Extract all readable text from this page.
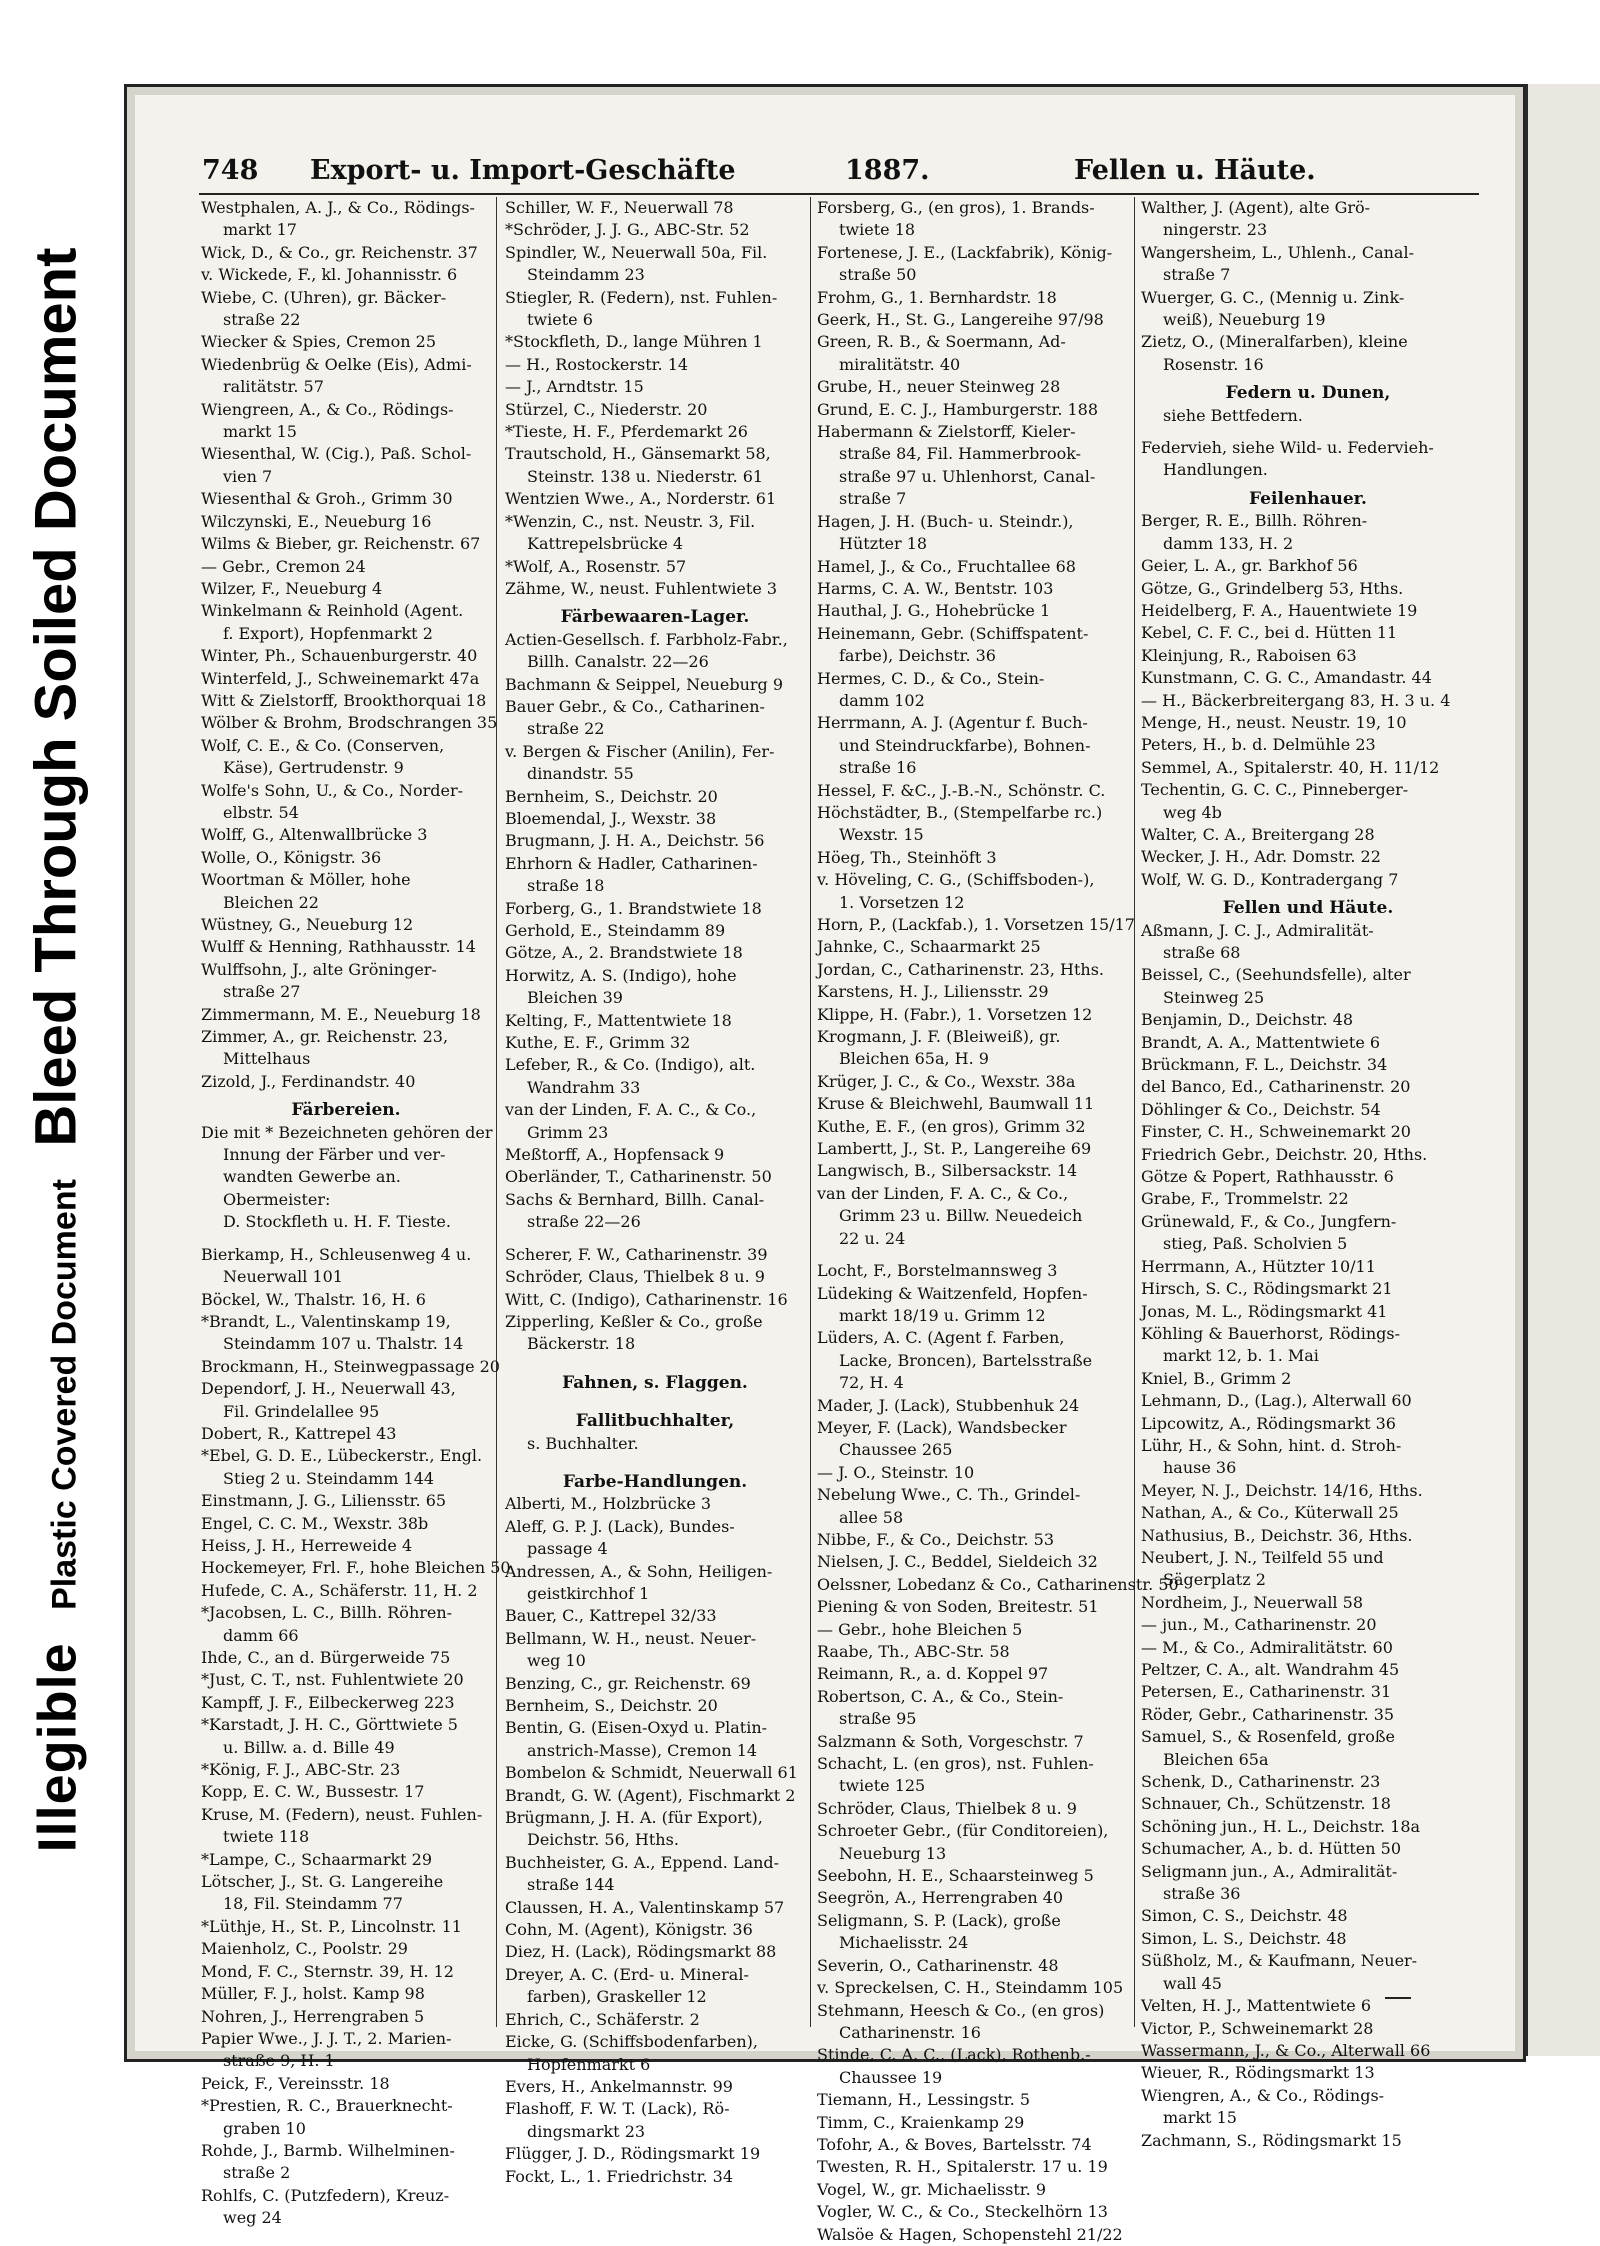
Illegible Plastic Covered Document Bleed Through Soiled Document
748 Export- u. Import-Geschäfte	1887.	Fellen u. Häute.
Westphalen, A. J., & Co., Rödings-
markt 17
Wick, D., & Co., gr. Reichenstr. 37
v. Wickede, F., kl. Johannisstr. 6
Wiebe, C. (Uhren), gr. Bäcker-
straße 22
Wiecker & Spies, Cremon 25
Wiedenbrüg & Oelke (Eis), Admi-
ralitätstr. 57
Wiengreen, A., & Co., Rödings-
markt 15
Wiesenthal, W. (Cig.), Paß. Schol-
vien 7
Wiesenthal & Groh., Grimm 30
Wilczynski, E., Neueburg 16
Wilms & Bieber, gr. Reichenstr. 67
— Gebr., Cremon 24
Wilzer, F., Neueburg 4
Winkelmann & Reinhold (Agent.
f. Export), Hopfenmarkt 2
Winter, Ph., Schauenburgerstr. 40
Winterfeld, J., Schweinemarkt 47a
Witt & Zielstorff, Brookthorquai 18
Wölber & Brohm, Brodschrangen 35
Wolf, C. E., & Co. (Conserven,
Käse), Gertrudenstr. 9
Wolfe's Sohn, U., & Co., Norder-
elbstr. 54
Wolff, G., Altenwallbrücke 3
Wolle, O., Königstr. 36
Woortman & Möller, hohe
Bleichen 22
Wüstney, G., Neueburg 12
Wulff & Henning, Rathhausstr. 14
Wulffsohn, J., alte Gröninger-
straße 27
Zimmermann, M. E., Neueburg 18
Zimmer, A., gr. Reichenstr. 23,
Mittelhaus
Zizold, J., Ferdinandstr. 40
Färbereien.
Die mit * Bezeichneten gehören der
Innung der Färber und ver-
wandten Gewerbe an.
Obermeister:
D. Stockfleth u. H. F. Tieste.
Bierkamp, H., Schleusenweg 4 u.
Neuerwall 101
Böckel, W., Thalstr. 16, H. 6
*Brandt, L., Valentinskamp 19,
Steindamm 107 u. Thalstr. 14
Brockmann, H., Steinwegpassage 20
Dependorf, J. H., Neuerwall 43,
Fil. Grindelallee 95
Dobert, R., Kattrepel 43
*Ebel, G. D. E., Lübeckerstr., Engl.
Stieg 2 u. Steindamm 144
Einstmann, J. G., Liliensstr. 65
Engel, C. C. M., Wexstr. 38b
Heiss, J. H., Herreweide 4
Hockemeyer, Frl. F., hohe Bleichen 50
Hufede, C. A., Schäferstr. 11, H. 2
*Jacobsen, L. C., Billh. Röhren-
damm 66
Ihde, C., an d. Bürgerweide 75
*Just, C. T., nst. Fuhlentwiete 20
Kampff, J. F., Eilbeckerweg 223
*Karstadt, J. H. C., Görttwiete 5
u. Billw. a. d. Bille 49
*König, F. J., ABC-Str. 23
Kopp, E. C. W., Bussestr. 17
Kruse, M. (Federn), neust. Fuhlen-
twiete 118
*Lampe, C., Schaarmarkt 29
Lötscher, J., St. G. Langereihe
18, Fil. Steindamm 77
*Lüthje, H., St. P., Lincolnstr. 11
Maienholz, C., Poolstr. 29
Mond, F. C., Sternstr. 39, H. 12
Müller, F. J., holst. Kamp 98
Nohren, J., Herrengraben 5
Papier Wwe., J. J. T., 2. Marien-
straße 9, H. 1
Peick, F., Vereinsstr. 18
*Prestien, R. C., Brauerknecht-
graben 10
Rohde, J., Barmb. Wilhelminen-
straße 2
Rohlfs, C. (Putzfedern), Kreuz-
weg 24
Schiller, W. F., Neuerwall 78
*Schröder, J. J. G., ABC-Str. 52
Spindler, W., Neuerwall 50a, Fil.
Steindamm 23
Stiegler, R. (Federn), nst. Fuhlen-
twiete 6
*Stockfleth, D., lange Mühren 1
— H., Rostockerstr. 14
— J., Arndtstr. 15
Stürzel, C., Niederstr. 20
*Tieste, H. F., Pferdemarkt 26
Trautschold, H., Gänsemarkt 58,
Steinstr. 138 u. Niederstr. 61
Wentzien Wwe., A., Norderstr. 61
*Wenzin, C., nst. Neustr. 3, Fil.
Kattrepelsbrücke 4
*Wolf, A., Rosenstr. 57
Zähme, W., neust. Fuhlentwiete 3
Färbewaaren-Lager.
Actien-Gesellsch. f. Farbholz-Fabr.,
Billh. Canalstr. 22—26
Bachmann & Seippel, Neueburg 9
Bauer Gebr., & Co., Catharinen-
straße 22
v. Bergen & Fischer (Anilin), Fer-
dinandstr. 55
Bernheim, S., Deichstr. 20
Bloemendal, J., Wexstr. 38
Brugmann, J. H. A., Deichstr. 56
Ehrhorn & Hadler, Catharinen-
straße 18
Forberg, G., 1. Brandstwiete 18
Gerhold, E., Steindamm 89
Götze, A., 2. Brandstwiete 18
Horwitz, A. S. (Indigo), hohe
Bleichen 39
Kelting, F., Mattentwiete 18
Kuthe, E. F., Grimm 32
Lefeber, R., & Co. (Indigo), alt.
Wandrahm 33
van der Linden, F. A. C., & Co.,
Grimm 23
Meßtorff, A., Hopfensack 9
Oberländer, T., Catharinenstr. 50
Sachs & Bernhard, Billh. Canal-
straße 22—26
Scherer, F. W., Catharinenstr. 39
Schröder, Claus, Thielbek 8 u. 9
Witt, C. (Indigo), Catharinenstr. 16
Zipperling, Keßler & Co., große
Bäckerstr. 18
Fahnen, s. Flaggen.
Fallitbuchhalter,
s. Buchhalter.
Farbe-Handlungen.
Alberti, M., Holzbrücke 3
Aleff, G. P. J. (Lack), Bundes-
passage 4
Andressen, A., & Sohn, Heiligen-
geistkirchhof 1
Bauer, C., Kattrepel 32/33
Bellmann, W. H., neust. Neuer-
weg 10
Benzing, C., gr. Reichenstr. 69
Bernheim, S., Deichstr. 20
Bentin, G. (Eisen-Oxyd u. Platin-
anstrich-Masse), Cremon 14
Bombelon & Schmidt, Neuerwall 61
Brandt, G. W. (Agent), Fischmarkt 2
Brügmann, J. H. A. (für Export),
Deichstr. 56, Hths.
Buchheister, G. A., Eppend. Land-
straße 144
Claussen, H. A., Valentinskamp 57
Cohn, M. (Agent), Königstr. 36
Diez, H. (Lack), Rödingsmarkt 88
Dreyer, A. C. (Erd- u. Mineral-
farben), Graskeller 12
Ehrich, C., Schäferstr. 2
Eicke, G. (Schiffsbodenfarben),
Hopfenmarkt 6
Evers, H., Ankelmannstr. 99
Flashoff, F. W. T. (Lack), Rö-
dingsmarkt 23
Flügger, J. D., Rödingsmarkt 19
Fockt, L., 1. Friedrichstr. 34
Forsberg, G., (en gros), 1. Brands-
twiete 18
Fortenese, J. E., (Lackfabrik), König-
straße 50
Frohm, G., 1. Bernhardstr. 18
Geerk, H., St. G., Langereihe 97/98
Green, R. B., & Soermann, Ad-
miralitätstr. 40
Grube, H., neuer Steinweg 28
Grund, E. C. J., Hamburgerstr. 188
Habermann & Zielstorff, Kieler-
straße 84, Fil. Hammerbrook-
straße 97 u. Uhlenhorst, Canal-
straße 7
Hagen, J. H. (Buch- u. Steindr.),
Hützter 18
Hamel, J., & Co., Fruchtallee 68
Harms, C. A. W., Bentstr. 103
Hauthal, J. G., Hohebrücke 1
Heinemann, Gebr. (Schiffspatent-
farbe), Deichstr. 36
Hermes, C. D., & Co., Stein-
damm 102
Herrmann, A. J. (Agentur f. Buch-
und Steindruckfarbe), Bohnen-
straße 16
Hessel, F. &C., J.-B.-N., Schönstr. C.
Höchstädter, B., (Stempelfarbe rc.)
Wexstr. 15
Höeg, Th., Steinhöft 3
v. Höveling, C. G., (Schiffsboden-),
1. Vorsetzen 12
Horn, P., (Lackfab.), 1. Vorsetzen 15/17
Jahnke, C., Schaarmarkt 25
Jordan, C., Catharinenstr. 23, Hths.
Karstens, H. J., Liliensstr. 29
Klippe, H. (Fabr.), 1. Vorsetzen 12
Krogmann, J. F. (Bleiweiß), gr.
Bleichen 65a, H. 9
Krüger, J. C., & Co., Wexstr. 38a
Kruse & Bleichwehl, Baumwall 11
Kuthe, E. F., (en gros), Grimm 32
Lambertt, J., St. P., Langereihe 69
Langwisch, B., Silbersackstr. 14
van der Linden, F. A. C., & Co.,
Grimm 23 u. Billw. Neuedeich
22 u. 24
Locht, F., Borstelmannsweg 3
Lüdeking & Waitzenfeld, Hopfen-
markt 18/19 u. Grimm 12
Lüders, A. C. (Agent f. Farben,
Lacke, Broncen), Bartelsstraße
72, H. 4
Mader, J. (Lack), Stubbenhuk 24
Meyer, F. (Lack), Wandsbecker
Chaussee 265
— J. O., Steinstr. 10
Nebelung Wwe., C. Th., Grindel-
allee 58
Nibbe, F., & Co., Deichstr. 53
Nielsen, J. C., Beddel, Sieldeich 32
Oelssner, Lobedanz & Co., Catharinenstr. 50
Piening & von Soden, Breitestr. 51
— Gebr., hohe Bleichen 5
Raabe, Th., ABC-Str. 58
Reimann, R., a. d. Koppel 97
Robertson, C. A., & Co., Stein-
straße 95
Salzmann & Soth, Vorgeschstr. 7
Schacht, L. (en gros), nst. Fuhlen-
twiete 125
Schröder, Claus, Thielbek 8 u. 9
Schroeter Gebr., (für Conditoreien),
Neueburg 13
Seebohn, H. E., Schaarsteinweg 5
Seegrön, A., Herrengraben 40
Seligmann, S. P. (Lack), große
Michaelisstr. 24
Severin, O., Catharinenstr. 48
v. Spreckelsen, C. H., Steindamm 105
Stehmann, Heesch & Co., (en gros)
Catharinenstr. 16
Stinde, C. A. C., (Lack), Rothenb.-
Chaussee 19
Tiemann, H., Lessingstr. 5
Timm, C., Kraienkamp 29
Tofohr, A., & Boves, Bartelsstr. 74
Twesten, R. H., Spitalerstr. 17 u. 19
Vogel, W., gr. Michaelisstr. 9
Vogler, W. C., & Co., Steckelhörn 13
Walsöe & Hagen, Schopenstehl 21/22
Walther, J. (Agent), alte Grö-
ningerstr. 23
Wangersheim, L., Uhlenh., Canal-
straße 7
Wuerger, G. C., (Mennig u. Zink-
weiß), Neueburg 19
Zietz, O., (Mineralfarben), kleine
Rosenstr. 16
Federn u. Dunen,
siehe Bettfedern.
Federvieh, siehe Wild- u. Federvieh-
Handlungen.
Feilenhauer.
Berger, R. E., Billh. Röhren-
damm 133, H. 2
Geier, L. A., gr. Barkhof 56
Götze, G., Grindelberg 53, Hths.
Heidelberg, F. A., Hauentwiete 19
Kebel, C. F. C., bei d. Hütten 11
Kleinjung, R., Raboisen 63
Kunstmann, C. G. C., Amandastr. 44
— H., Bäckerbreitergang 83, H. 3 u. 4
Menge, H., neust. Neustr. 19, 10
Peters, H., b. d. Delmühle 23
Semmel, A., Spitalerstr. 40, H. 11/12
Techentin, G. C. C., Pinneberger-
weg 4b
Walter, C. A., Breitergang 28
Wecker, J. H., Adr. Domstr. 22
Wolf, W. G. D., Kontradergang 7
Fellen und Häute.
Aßmann, J. C. J., Admiralität-
straße 68
Beissel, C., (Seehundsfelle), alter
Steinweg 25
Benjamin, D., Deichstr. 48
Brandt, A. A., Mattentwiete 6
Brückmann, F. L., Deichstr. 34
del Banco, Ed., Catharinenstr. 20
Döhlinger & Co., Deichstr. 54
Finster, C. H., Schweinemarkt 20
Friedrich Gebr., Deichstr. 20, Hths.
Götze & Popert, Rathhausstr. 6
Grabe, F., Trommelstr. 22
Grünewald, F., & Co., Jungfern-
stieg, Paß. Scholvien 5
Herrmann, A., Hützter 10/11
Hirsch, S. C., Rödingsmarkt 21
Jonas, M. L., Rödingsmarkt 41
Köhling & Bauerhorst, Rödings-
markt 12, b. 1. Mai
Kniel, B., Grimm 2
Lehmann, D., (Lag.), Alterwall 60
Lipcowitz, A., Rödingsmarkt 36
Lühr, H., & Sohn, hint. d. Stroh-
hause 36
Meyer, N. J., Deichstr. 14/16, Hths.
Nathan, A., & Co., Küterwall 25
Nathusius, B., Deichstr. 36, Hths.
Neubert, J. N., Teilfeld 55 und
Sägerplatz 2
Nordheim, J., Neuerwall 58
— jun., M., Catharinenstr. 20
— M., & Co., Admiralitätstr. 60
Peltzer, C. A., alt. Wandrahm 45
Petersen, E., Catharinenstr. 31
Röder, Gebr., Catharinenstr. 35
Samuel, S., & Rosenfeld, große
Bleichen 65a
Schenk, D., Catharinenstr. 23
Schnauer, Ch., Schützenstr. 18
Schöning jun., H. L., Deichstr. 18a
Schumacher, A., b. d. Hütten 50
Seligmann jun., A., Admiralität-
straße 36
Simon, C. S., Deichstr. 48
Simon, L. S., Deichstr. 48
Süßholz, M., & Kaufmann, Neuer-
wall 45
Velten, H. J., Mattentwiete 6
Victor, P., Schweinemarkt 28
Wassermann, J., & Co., Alterwall 66
Wieuer, R., Rödingsmarkt 13
Wiengren, A., & Co., Rödings-
markt 15
Zachmann, S., Rödingsmarkt 15
